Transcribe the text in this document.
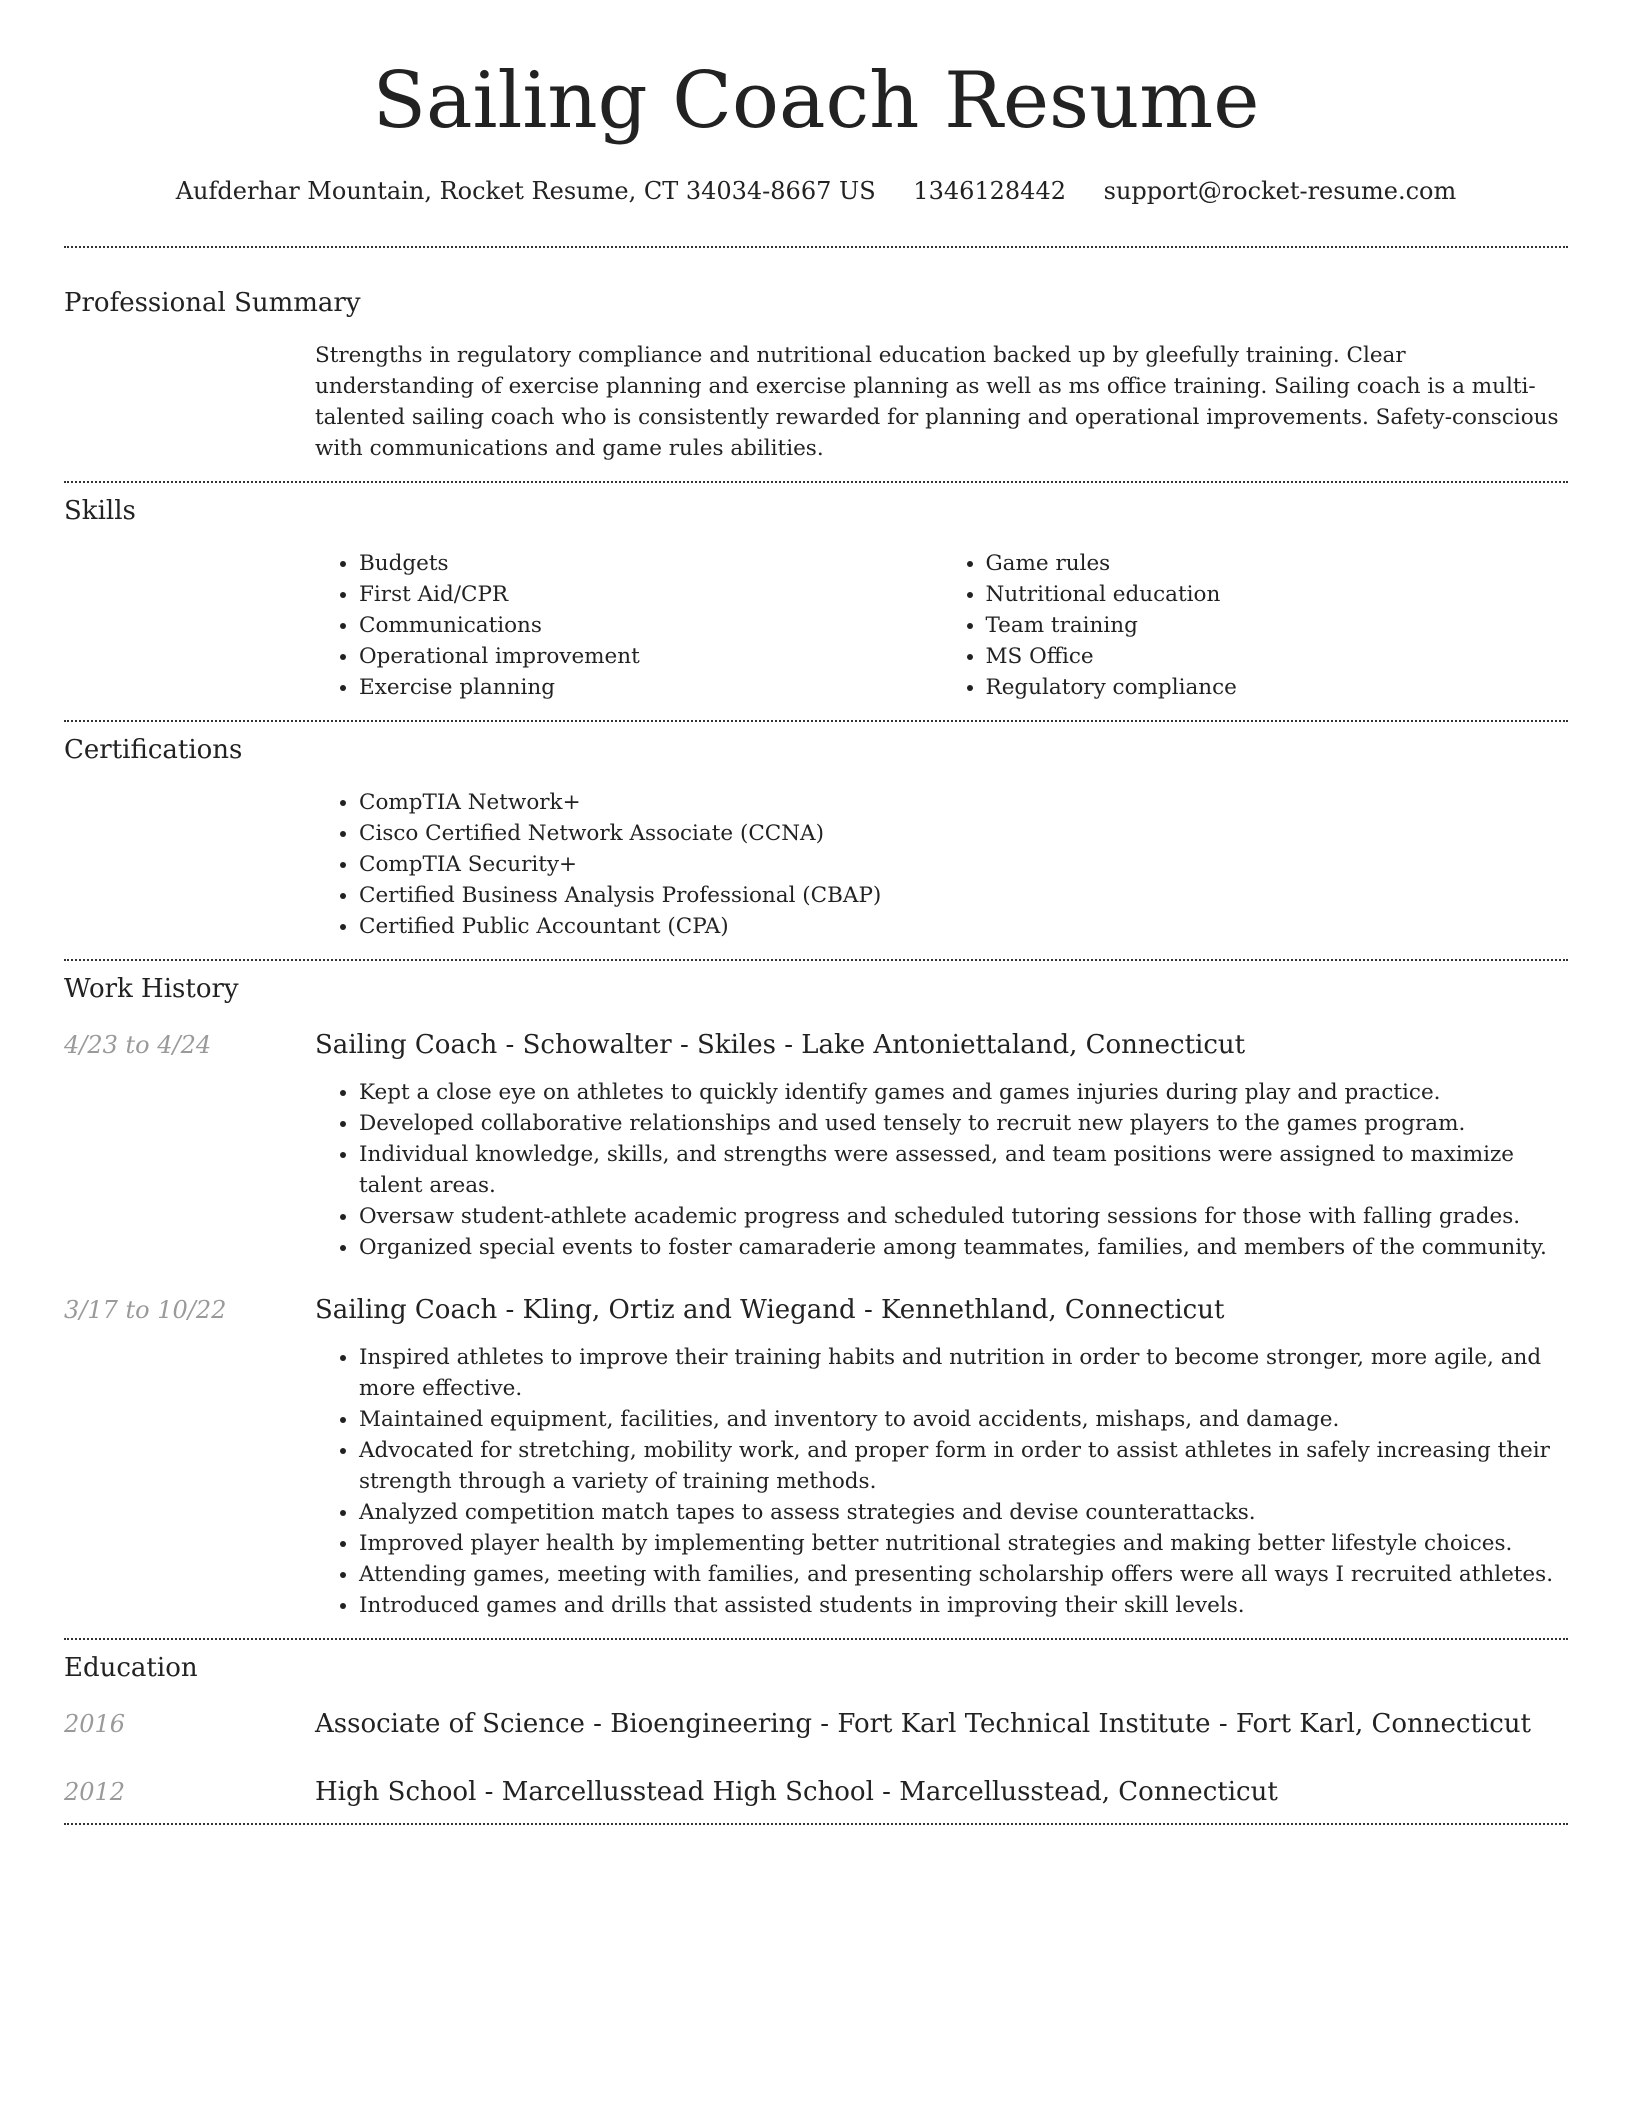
Sailing Coach Resume
Aufderhar Mountain, Rocket Resume, CT 34034-8667 US 1346128442 support@rocket-resume.com
Professional Summary

Strengths in regulatory compliance and nutritional education backed up by gleefully training. Clear understanding of exercise planning and exercise planning as well as ms office training. Sailing coach is a multi-talented sailing coach who is consistently rewarded for planning and operational improvements. Safety-conscious with communications and game rules abilities.

Skills
• Budgets
• First Aid/CPR
• Communications
• Operational improvement
• Exercise planning
• Game rules
• Nutritional education
• Team training
• MS Office
• Regulatory compliance
Certifications
• CompTIA Network+
• Cisco Certified Network Associate (CCNA)
• CompTIA Security+
• Certified Business Analysis Professional (CBAP)
• Certified Public Accountant (CPA)
Work History
4/23 to 4/24	Sailing Coach - Schowalter - Skiles - Lake Antoniettaland, Connecticut
• Kept a close eye on athletes to quickly identify games and games injuries during play and practice.
• Developed collaborative relationships and used tensely to recruit new players to the games program.
• Individual knowledge, skills, and strengths were assessed, and team positions were assigned to maximize talent areas.
• Oversaw student-athlete academic progress and scheduled tutoring sessions for those with falling grades.
• Organized special events to foster camaraderie among teammates, families, and members of the community.
3/17 to 10/22	Sailing Coach - Kling, Ortiz and Wiegand - Kennethland, Connecticut
• Inspired athletes to improve their training habits and nutrition in order to become stronger, more agile, and more effective.
• Maintained equipment, facilities, and inventory to avoid accidents, mishaps, and damage.
• Advocated for stretching, mobility work, and proper form in order to assist athletes in safely increasing their strength through a variety of training methods.
• Analyzed competition match tapes to assess strategies and devise counterattacks.
• Improved player health by implementing better nutritional strategies and making better lifestyle choices.
• Attending games, meeting with families, and presenting scholarship offers were all ways I recruited athletes.
• Introduced games and drills that assisted students in improving their skill levels.
Education
2016	Associate of Science - Bioengineering - Fort Karl Technical Institute - Fort Karl, Connecticut
2012	High School - Marcellusstead High School - Marcellusstead, Connecticut
